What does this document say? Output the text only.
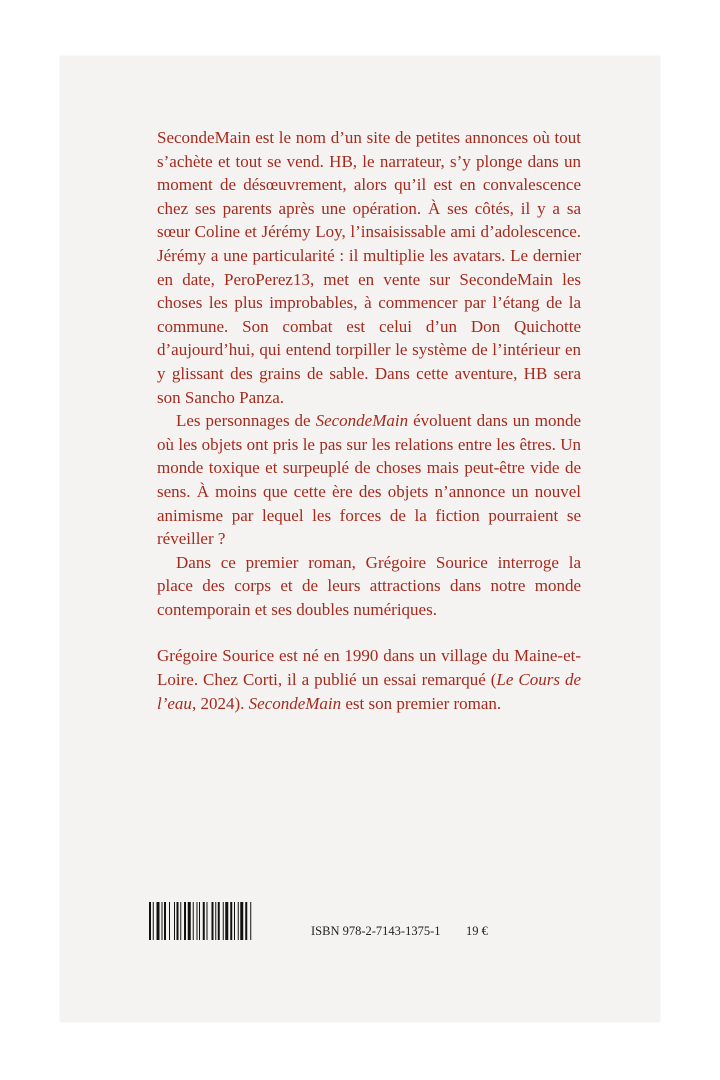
SecondeMain est le nom d’un site de petites annonces où tout s’achète et tout se vend. HB, le narrateur, s’y plonge dans un moment de désœuvrement, alors qu’il est en convalescence chez ses parents après une opération. À ses côtés, il y a sa sœur Coline et Jérémy Loy, l’insaisissable ami d’adolescence. Jérémy a une particularité : il multiplie les avatars. Le dernier en date, PeroPerez13, met en vente sur SecondeMain les choses les plus improbables, à commencer par l’étang de la commune. Son combat est celui d’un Don Quichotte d’aujourd’hui, qui entend torpiller le système de l’intérieur en y glissant des grains de sable. Dans cette aventure, HB sera son Sancho Panza.

Les personnages de SecondeMain évoluent dans un monde où les objets ont pris le pas sur les relations entre les êtres. Un monde toxique et surpeuplé de choses mais peut-être vide de sens. À moins que cette ère des objets n’annonce un nouvel animisme par lequel les forces de la fiction pourraient se réveiller ?

Dans ce premier roman, Grégoire Sourice interroge la place des corps et de leurs attractions dans notre monde contemporain et ses doubles numériques.

Grégoire Sourice est né en 1990 dans un village du Maine-et-Loire. Chez Corti, il a publié un essai remarqué (Le Cours de l’eau, 2024). SecondeMain est son premier roman.

ISBN 978-2-7143-1375-1 19 €
